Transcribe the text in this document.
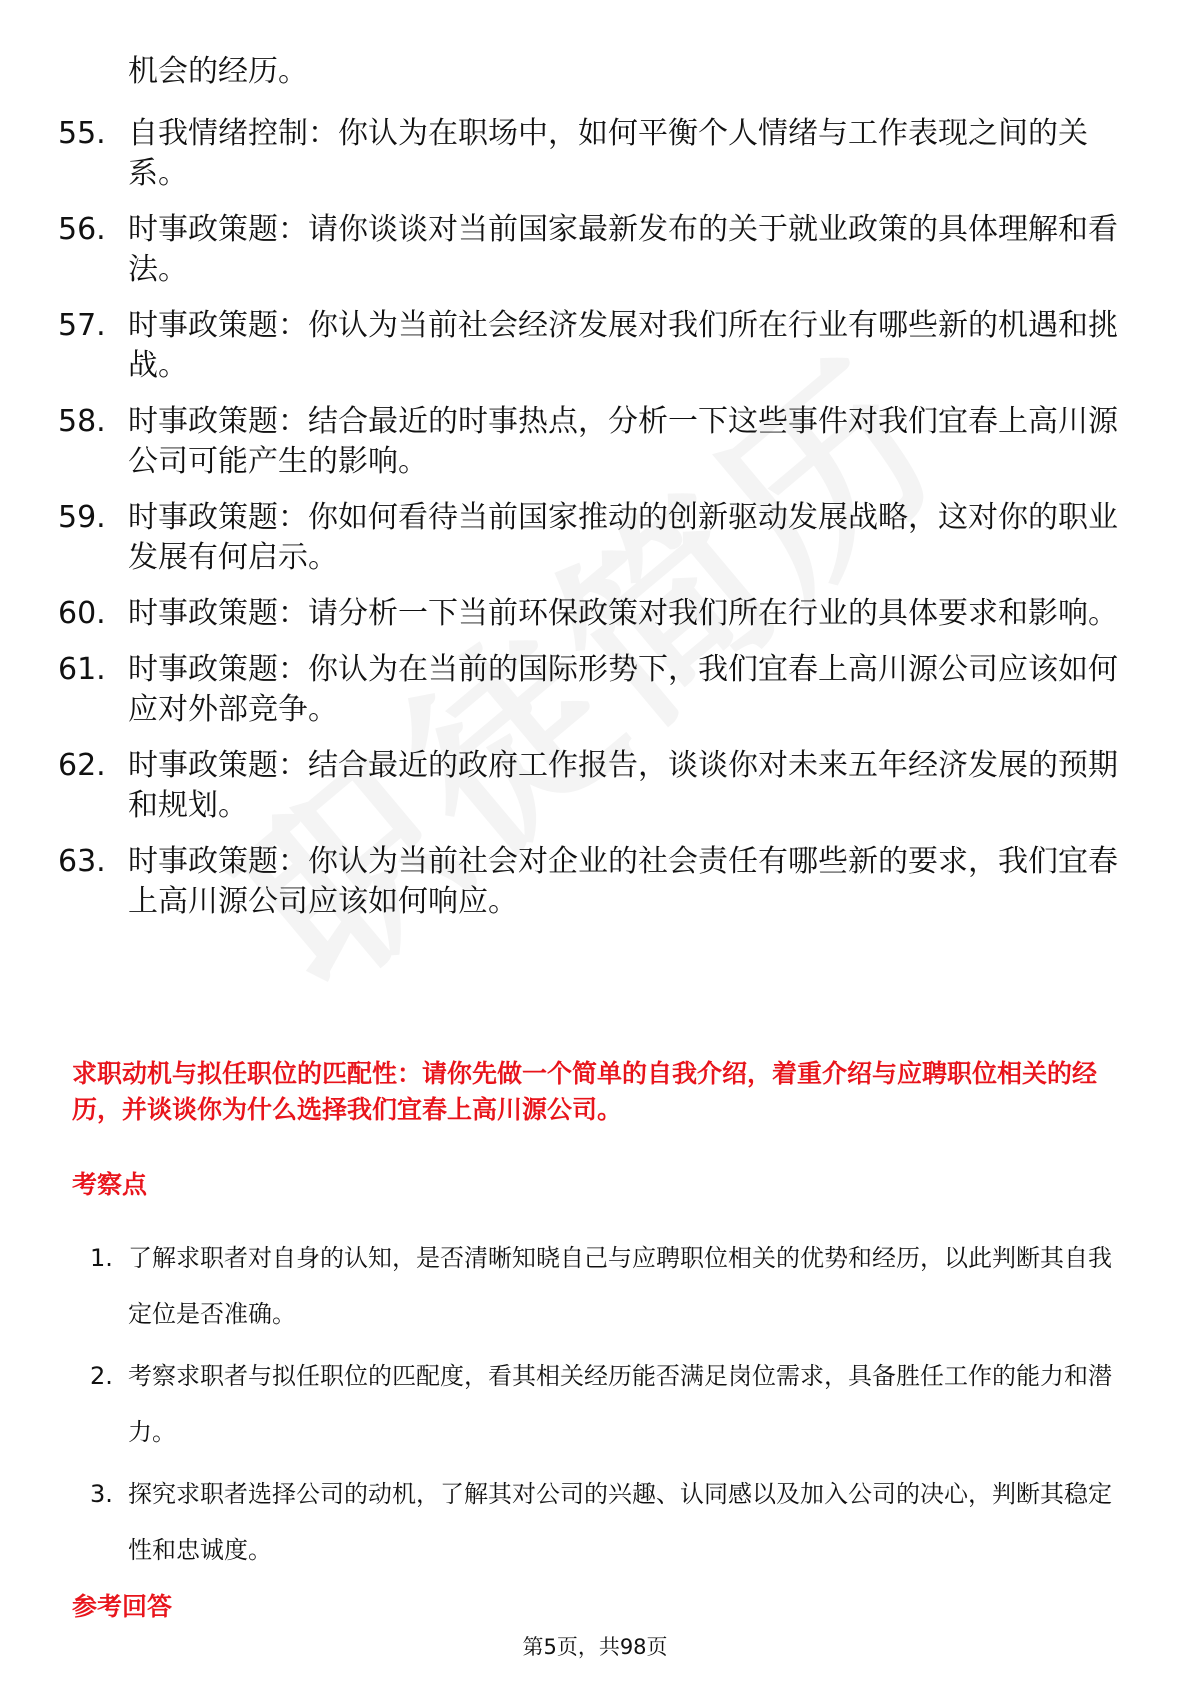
机会的经历。
55. 自我情绪控制：你认为在职场中，如何平衡个人情绪与工作表现之间的关系。
56. 时事政策题：请你谈谈对当前国家最新发布的关于就业政策的具体理解和看法。
57. 时事政策题：你认为当前社会经济发展对我们所在行业有哪些新的机遇和挑战。
58. 时事政策题：结合最近的时事热点，分析一下这些事件对我们宜春上高川源公司可能产生的影响。
59. 时事政策题：你如何看待当前国家推动的创新驱动发展战略，这对你的职业发展有何启示。
60. 时事政策题：请分析一下当前环保政策对我们所在行业的具体要求和影响。
61. 时事政策题：你认为在当前的国际形势下，我们宜春上高川源公司应该如何应对外部竞争。
62. 时事政策题：结合最近的政府工作报告，谈谈你对未来五年经济发展的预期和规划。
63. 时事政策题：你认为当前社会对企业的社会责任有哪些新的要求，我们宜春上高川源公司应该如何响应。

求职动机与拟任职位的匹配性：请你先做一个简单的自我介绍，着重介绍与应聘职位相关的经历，并谈谈你为什么选择我们宜春上高川源公司。

考察点
1. 了解求职者对自身的认知，是否清晰知晓自己与应聘职位相关的优势和经历，以此判断其自我定位是否准确。
2. 考察求职者与拟任职位的匹配度，看其相关经历能否满足岗位需求，具备胜任工作的能力和潜力。
3. 探究求职者选择公司的动机，了解其对公司的兴趣、认同感以及加入公司的决心，判断其稳定性和忠诚度。
参考回答
第5页，共98页
